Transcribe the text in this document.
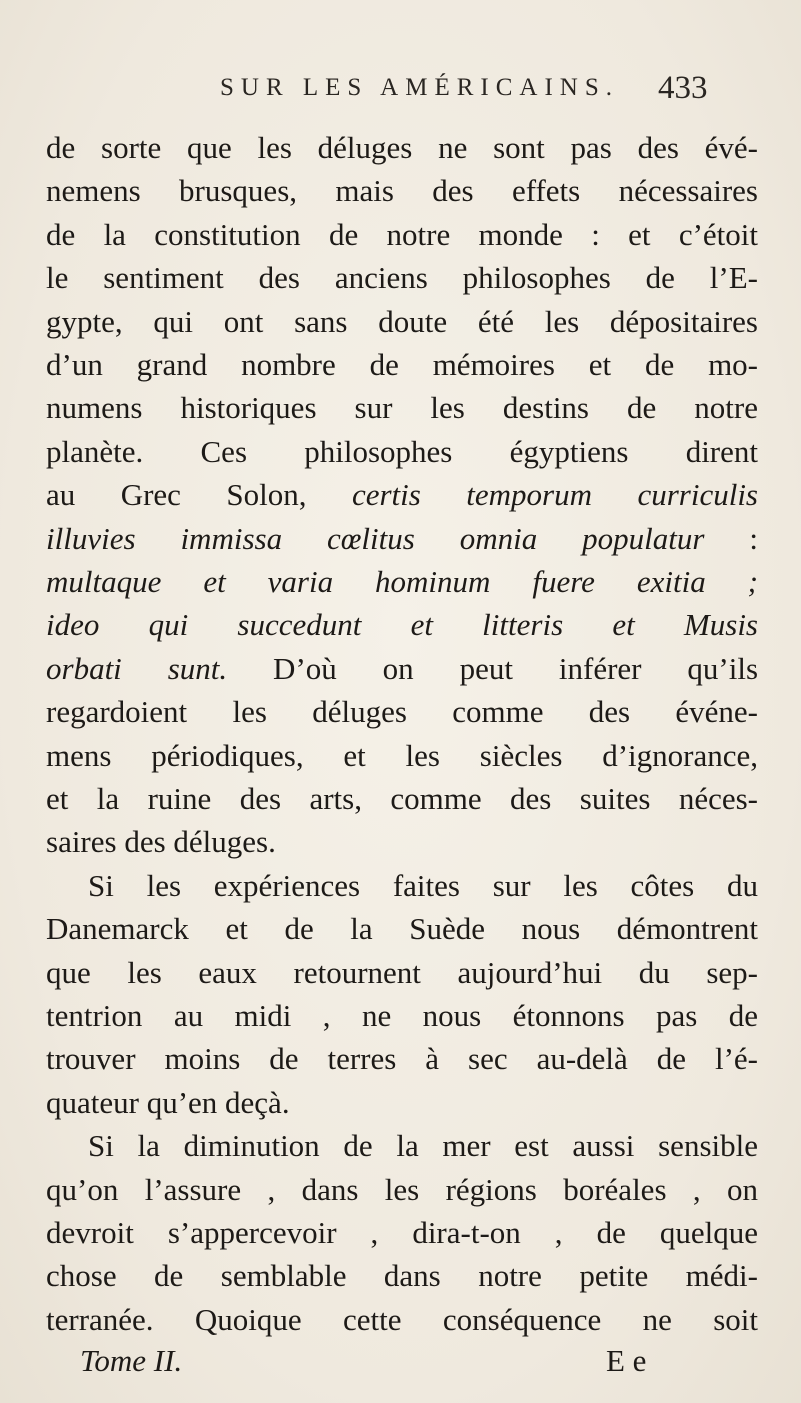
SUR LES AMÉRICAINS.	433
de sorte que les déluges ne sont pas des évé-
nemens brusques, mais des effets nécessaires
de la constitution de notre monde : et c’étoit
le sentiment des anciens philosophes de l’E-
gypte, qui ont sans doute été les dépositaires
d’un grand nombre de mémoires et de mo-
numens historiques sur les destins de notre
planète. Ces philosophes égyptiens dirent
au Grec Solon, certis temporum curriculis
illuvies immissa cœlitus omnia populatur :
multaque et varia hominum fuere exitia ;
ideo qui succedunt et litteris et Musis
orbati sunt. D’où on peut inférer qu’ils
regardoient les déluges comme des événe-
mens périodiques, et les siècles d’ignorance,
et la ruine des arts, comme des suites néces-
saires des déluges.
Si les expériences faites sur les côtes du
Danemarck et de la Suède nous démontrent
que les eaux retournent aujourd’hui du sep-
tentrion au midi , ne nous étonnons pas de
trouver moins de terres à sec au-delà de l’é-
quateur qu’en deçà.
Si la diminution de la mer est aussi sensible
qu’on l’assure , dans les régions boréales , on
devroit s’appercevoir , dira-t-on , de quelque
chose de semblable dans notre petite médi-
terranée. Quoique cette conséquence ne soit
Tome II.	E e
